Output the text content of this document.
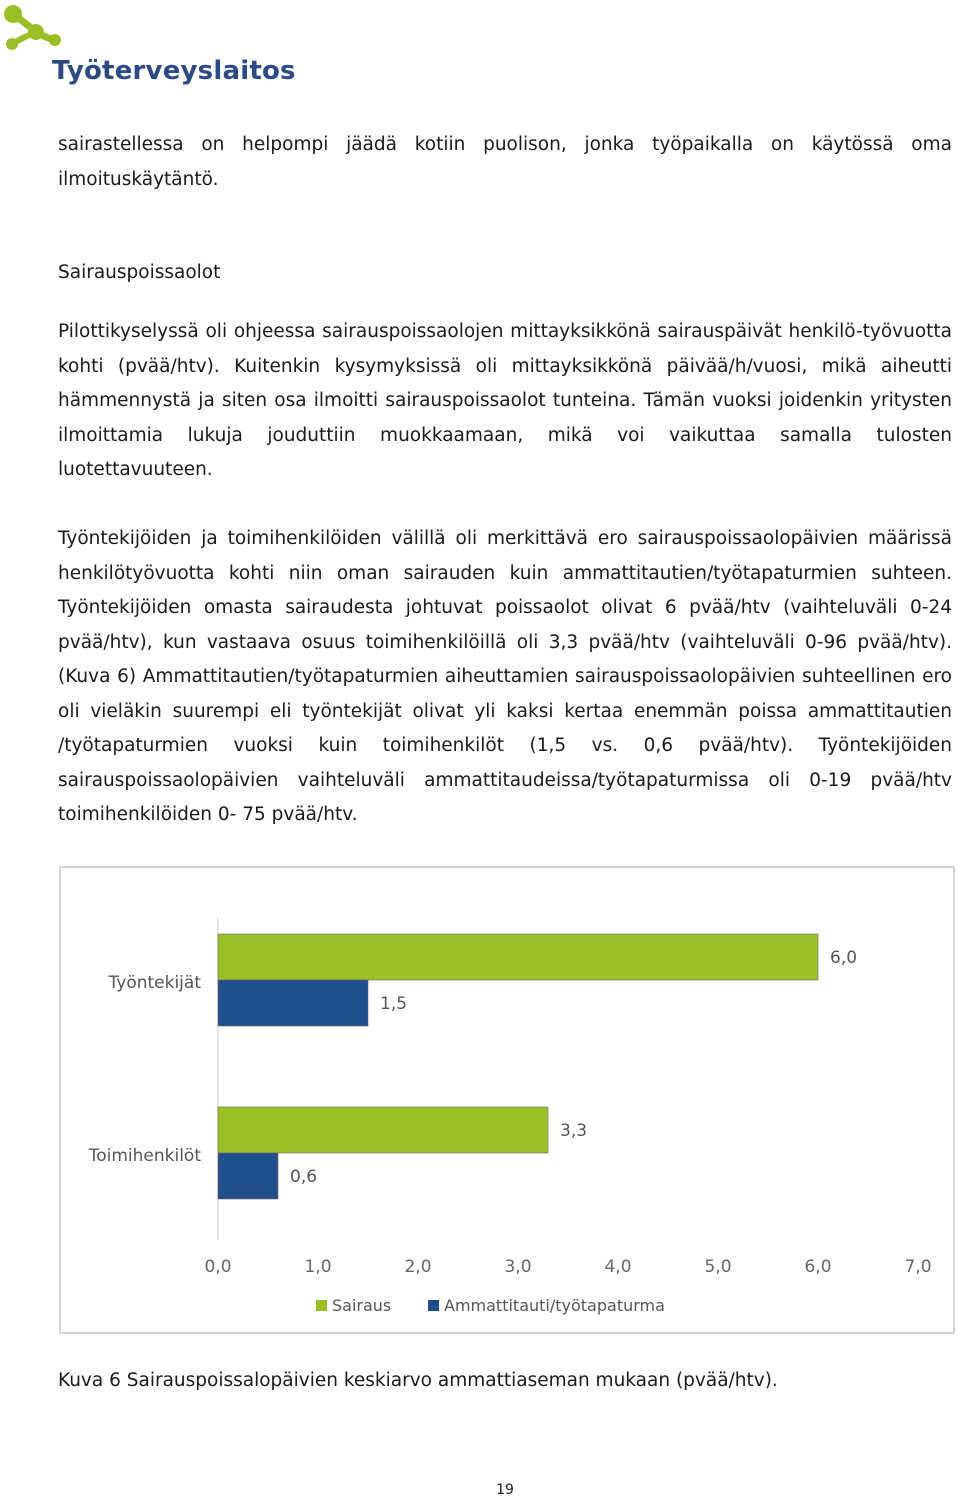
Työterveyslaitos

sairastellessa on helpompi jäädä kotiin puolison, jonka työpaikalla on käytössä oma ilmoituskäytäntö.

Sairauspoissaolot

Pilottikyselyssä oli ohjeessa sairauspoissaolojen mittayksikkönä sairauspäivät henkilö-työvuotta kohti (pvää/htv). Kuitenkin kysymyksissä oli mittayksikkönä päivää/h/vuosi, mikä aiheutti hämmennystä ja siten osa ilmoitti sairauspoissaolot tunteina. Tämän vuoksi joidenkin yritysten ilmoittamia lukuja jouduttiin muokkaamaan, mikä voi vaikuttaa samalla tulosten luotettavuuteen.

Työntekijöiden ja toimihenkilöiden välillä oli merkittävä ero sairauspoissaolopäivien määrissä henkilötyövuotta kohti niin oman sairauden kuin ammattitautien/työtapaturmien suhteen. Työntekijöiden omasta sairaudesta johtuvat poissaolot olivat 6 pvää/htv (vaihteluväli 0-24 pvää/htv), kun vastaava osuus toimihenkilöillä oli 3,3 pvää/htv (vaihteluväli 0-96 pvää/htv). (Kuva 6) Ammattitautien/työtapaturmien aiheuttamien sairauspoissaolopäivien suhteellinen ero oli vieläkin suurempi eli työntekijät olivat yli kaksi kertaa enemmän poissa ammattitautien /työtapaturmien vuoksi kuin toimihenkilöt (1,5 vs. 0,6 pvää/htv). Työntekijöiden sairauspoissaolopäivien vaihteluväli ammattitaudeissa/työtapaturmissa oli 0-19 pvää/htv toimihenkilöiden 0- 75 pvää/htv.

Työntekijät
6,0
1,5
Toimihenkilöt
3,3
0,6
0,0	1,0	2,0	3,0	4,0	5,0	6,0	7,0
Sairaus	Ammattitauti/työtapaturma
Kuva 6 Sairauspoissalopäivien keskiarvo ammattiaseman mukaan (pvää/htv).
19
